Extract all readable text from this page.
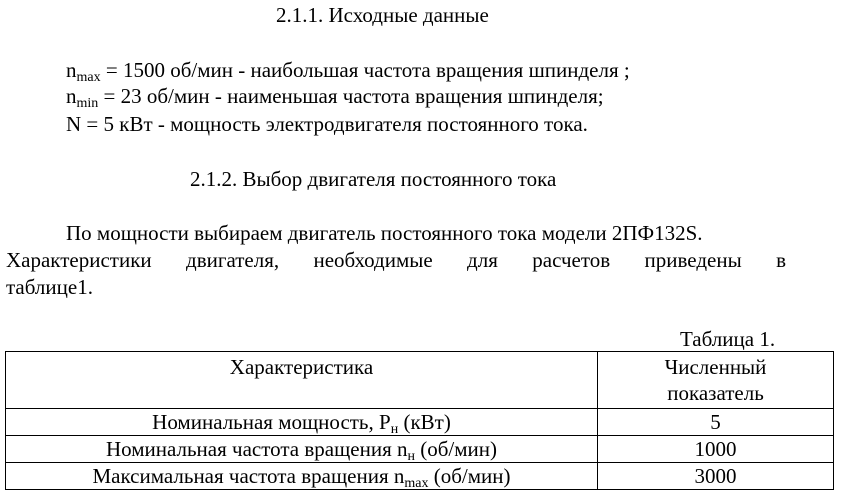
2.1.1. Исходные данные
$n_{max} = 1500$ об/мин - наибольшая частота вращения шпинделя ;
$n_{min} = 23$ об/мин - наименьшая частота вращения шпинделя;
N = 5 кВт - мощность электродвигателя постоянного тока.
2.1.2. Выбор двигателя постоянного тока
По мощности выбираем двигатель постоянного тока модели 2ПФ132S.
Характеристики двигателя, необходимые для расчетов приведены в
таблице1.
Таблица 1.
Характеристика	Численный
показатель

Номинальная мощность, $P_н$ (кВт)	5
Номинальная частота вращения $n_н$ (об/мин)	1000
Максимальная частота вращения $n_{max}$ (об/мин)	3000
